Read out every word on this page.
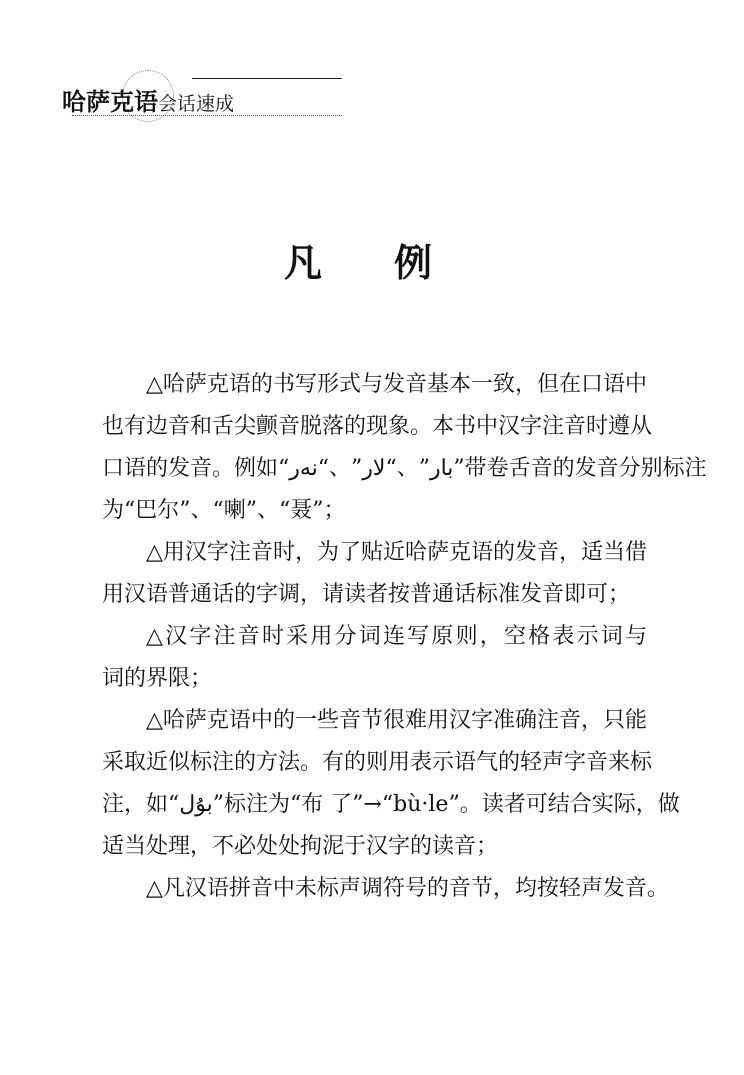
哈萨克语会话速成
凡 例
△哈萨克语的书写形式与发音基本一致，但在口语中
也有边音和舌尖颤音脱落的现象。本书中汉字注音时遵从
口语的发音。例如“بار”、“لار”、“نەر”带卷舌音的发音分别标注
为“巴尔”、“喇”、“聂”；
△用汉字注音时，为了贴近哈萨克语的发音，适当借
用汉语普通话的字调，请读者按普通话标准发音即可；
△汉字注音时采用分词连写原则，空格表示词与
词的界限；
△哈萨克语中的一些音节很难用汉字准确注音，只能
采取近似标注的方法。有的则用表示语气的轻声字音来标
注，如“بۇل”标注为“布 了”→“bù·le”。读者可结合实际，做
适当处理，不必处处拘泥于汉字的读音；
△凡汉语拼音中未标声调符号的音节，均按轻声发音。
